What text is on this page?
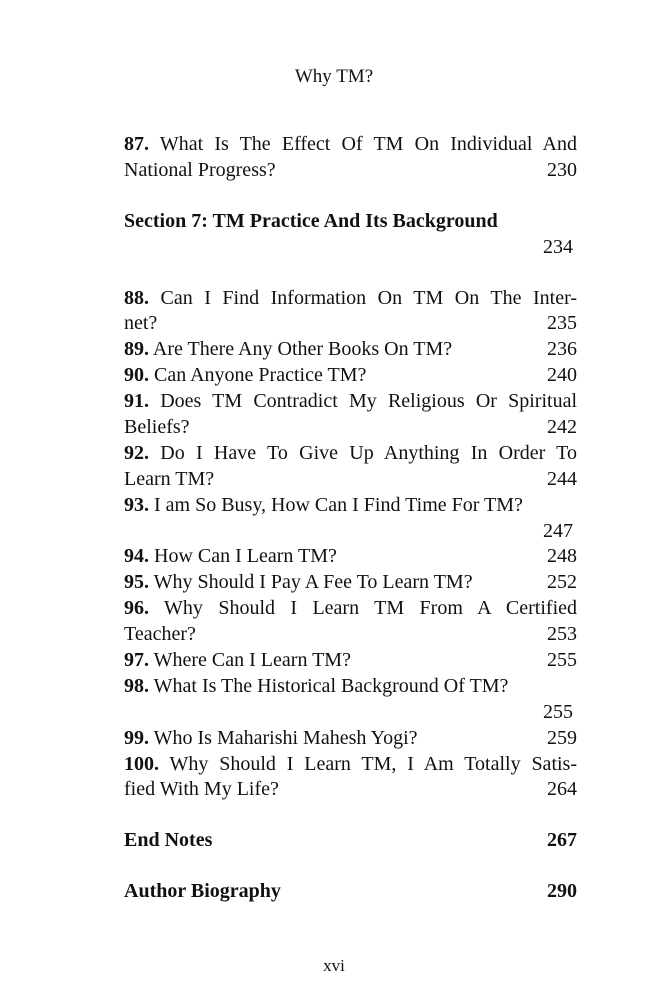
Why TM?
87. What Is The Effect Of TM On Individual And
National Progress?	230
Section 7: TM Practice And Its Background
234
88. Can I Find Information On TM On The Inter-
net?	235
89. Are There Any Other Books On TM?	236
90. Can Anyone Practice TM?	240
91. Does TM Contradict My Religious Or Spiritual
Beliefs?	242
92. Do I Have To Give Up Anything In Order To
Learn TM?	244
93. I am So Busy, How Can I Find Time For TM?
247
94. How Can I Learn TM?	248
95. Why Should I Pay A Fee To Learn TM?	252
96. Why Should I Learn TM From A Certified
Teacher?	253
97. Where Can I Learn TM?	255
98. What Is The Historical Background Of TM?
255
99. Who Is Maharishi Mahesh Yogi?	259
100. Why Should I Learn TM, I Am Totally Satis-
fied With My Life?	264
End Notes	267
Author Biography	290
xvi
